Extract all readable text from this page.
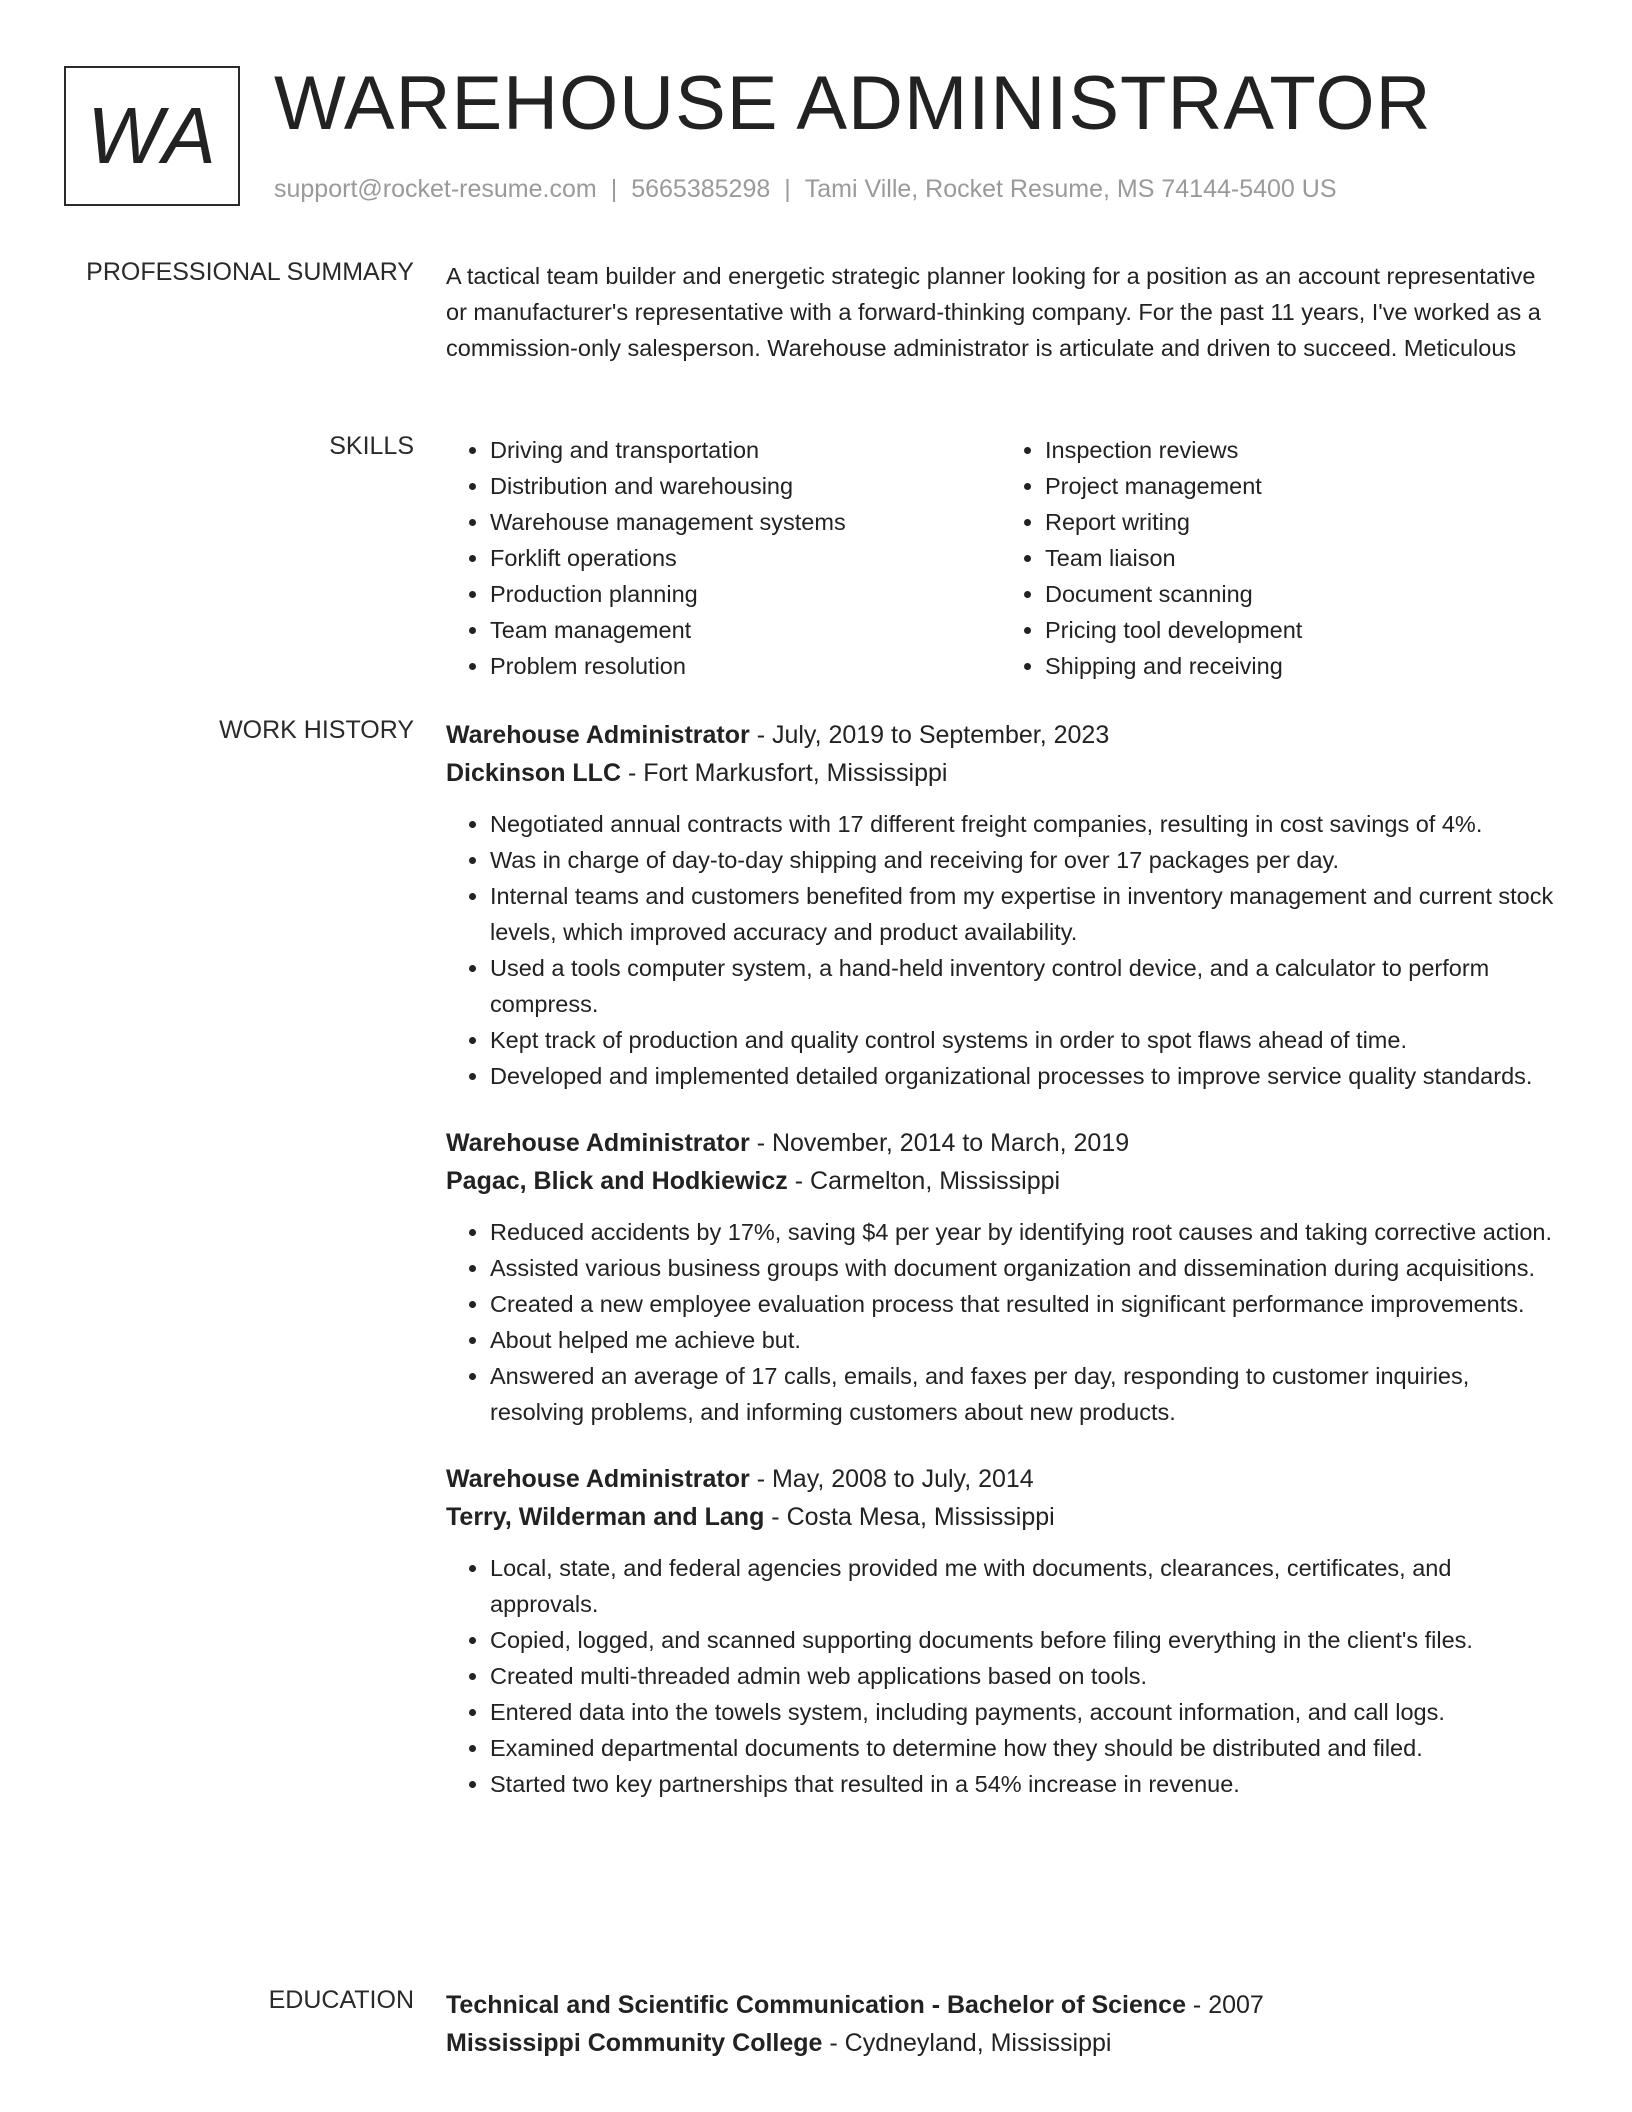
WA WAREHOUSE ADMINISTRATOR
support@rocket-resume.com | 5665385298 | Tami Ville, Rocket Resume, MS 74144-5400 US
PROFESSIONAL SUMMARY A tactical team builder and energetic strategic planner looking for a position as an account representative or manufacturer's representative with a forward-thinking company. For the past 11 years, I've worked as a commission-only salesperson. Warehouse administrator is articulate and driven to succeed. Meticulous
SKILLS
•	Driving and transportation
• Distribution and warehousing
• Warehouse management systems
• Forklift operations
• Production planning
• Team management
• Problem resolution
• Inspection reviews
• Project management
• Report writing
• Team liaison
• Document scanning
• Pricing tool development
• Shipping and receiving
WORK HISTORY Warehouse Administrator - July, 2019 to September, 2023
Dickinson LLC - Fort Markusfort, Mississippi
• Negotiated annual contracts with 17 different freight companies, resulting in cost savings of 4%.
• Was in charge of day-to-day shipping and receiving for over 17 packages per day.
• Internal teams and customers benefited from my expertise in inventory management and current stock levels, which improved accuracy and product availability.
• Used a tools computer system, a hand-held inventory control device, and a calculator to perform compress.
• Kept track of production and quality control systems in order to spot flaws ahead of time.
• Developed and implemented detailed organizational processes to improve service quality standards.
Warehouse Administrator - November, 2014 to March, 2019
Pagac, Blick and Hodkiewicz - Carmelton, Mississippi
• Reduced accidents by 17%, saving $4 per year by identifying root causes and taking corrective action.
• Assisted various business groups with document organization and dissemination during acquisitions.
• Created a new employee evaluation process that resulted in significant performance improvements.
• About helped me achieve but.
• Answered an average of 17 calls, emails, and faxes per day, responding to customer inquiries, resolving problems, and informing customers about new products.
Warehouse Administrator - May, 2008 to July, 2014
Terry, Wilderman and Lang - Costa Mesa, Mississippi
• Local, state, and federal agencies provided me with documents, clearances, certificates, and approvals.
• Copied, logged, and scanned supporting documents before filing everything in the client's files.
• Created multi-threaded admin web applications based on tools.
• Entered data into the towels system, including payments, account information, and call logs.
• Examined departmental documents to determine how they should be distributed and filed.
• Started two key partnerships that resulted in a 54% increase in revenue.
EDUCATION Technical and Scientific Communication - Bachelor of Science - 2007
Mississippi Community College - Cydneyland, Mississippi
